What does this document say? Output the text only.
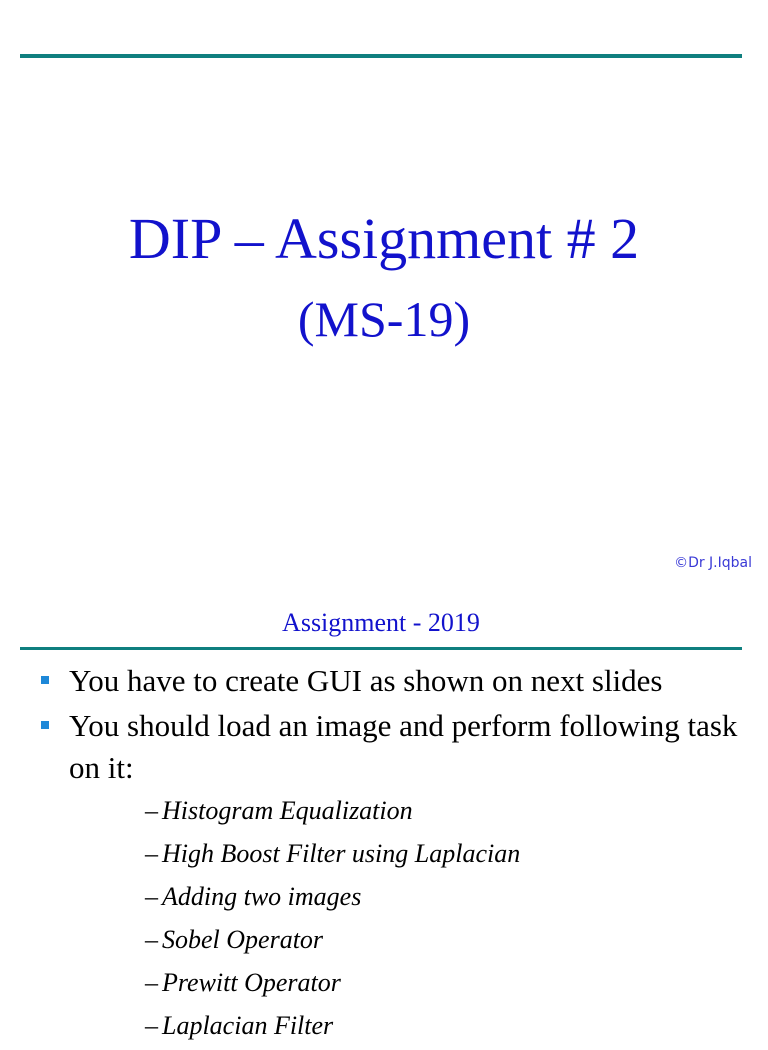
DIP – Assignment # 2
(MS-19)
©Dr J.Iqbal
Assignment - 2019
You have to create GUI as shown on next slides
You should load an image and perform following task on it:
– Histogram Equalization
– High Boost Filter using Laplacian
– Adding two images
– Sobel Operator
– Prewitt Operator
– Laplacian Filter
